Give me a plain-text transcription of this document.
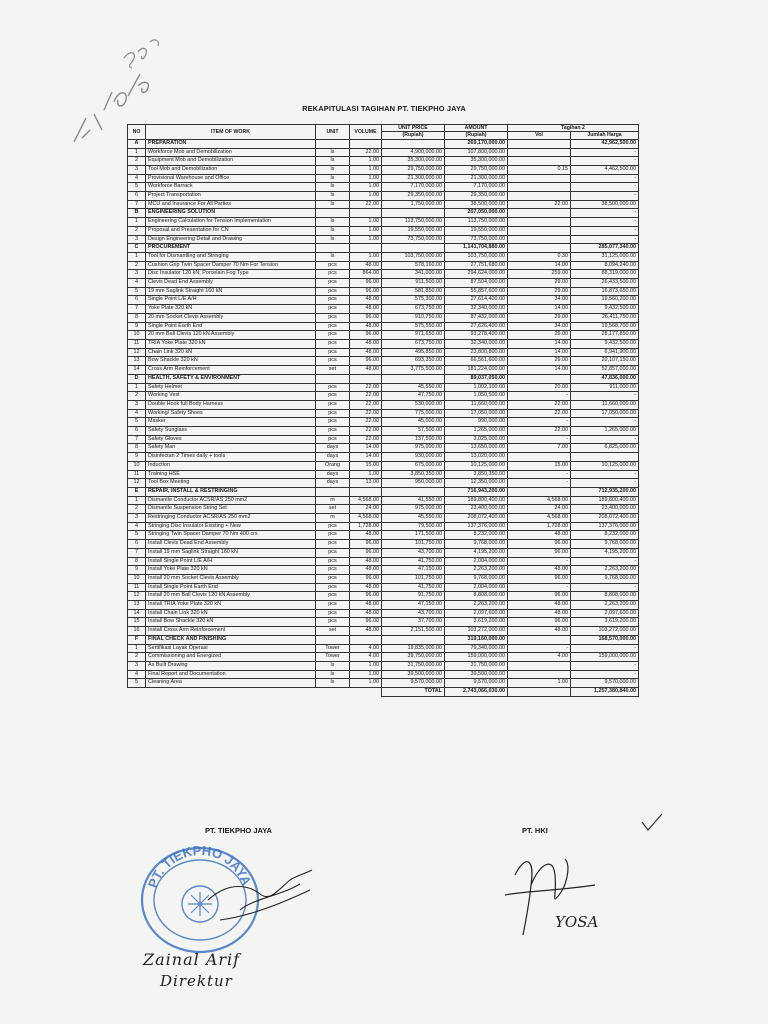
REKAPITULASI TAGIHAN PT. TIEKPHO JAYA
NO	ITEM OF WORK	UNIT	VOLUME	UNIT PRICE	AMOUNT	Tagihan 2	
				(Rupiah)	(Rupiah)	Vol	Jumlah Harga
A	PREPARATION				269,170,000.00		42,962,500.00
1	Workforce Mob and Demobilization	ls	22.00	4,900,000.00	107,800,000.00		-
2	Equipment Mob and Demobilization	ls	1.00	35,300,000.00	35,300,000.00		-
3	Tool Mob and Demobilization	ls	1.00	29,750,000.00	29,750,000.00	0.15	4,462,500.00
4	Provisional Warehouse and Office	ls	1.00	21,300,000.00	21,300,000.00		-
5	Workforce Barrack	ls	1.00	7,170,000.00	7,170,000.00		-
6	Project Transportation	ls	1.00	29,350,000.00	29,350,000.00		-
7	MCU and Insurance For All Parties	ls	22.00	1,750,000.00	38,500,000.00	22.00	38,500,000.00
B	ENGINEERING SOLUTION				207,050,000.00		-
1	Engineering Calculation for Tension Implementation	ls	1.00	113,750,000.00	113,750,000.00		-
2	Proposal and Presentation for CN	ls	1.00	19,550,000.00	19,550,000.00		-
3	Design Engineering Detail and Drawing	ls	1.00	73,750,000.00	73,750,000.00		-
C	PROCUREMENT				1,141,704,880.00		285,077,340.00
1	Tool for Dismantling and Stringing	ls	1.00	103,750,000.00	103,750,000.00	0.30	31,125,000.00
2	Cushion Grip Twin Spacer Damper 70 Nm For Tension	pcs	48.00	578,160.00	27,751,680.00	14.00	8,094,240.00
3	Disc Insulator 120 kN; Porcelain Fog Type	pcs	864.00	341,000.00	294,624,000.00	259.00	88,319,000.00
4	Clevis Dead End Assembly	pcs	96.00	911,500.00	87,504,000.00	29.00	26,433,500.00
5	19 mm Saglink Straight 160 kN	pcs	96.00	581,850.00	55,857,600.00	29.00	16,873,650.00
6	Single Point L/E A/H	pcs	48.00	575,300.00	27,614,400.00	34.00	19,560,200.00
7	Yoke Plate 320 kN	pcs	48.00	673,750.00	32,340,000.00	14.00	9,432,500.00
8	20 mm Socket Clevis Assembly	pcs	96.00	910,750.00	87,432,000.00	29.00	26,411,750.00
9	Single Point Earth End	pcs	48.00	575,550.00	27,626,400.00	34.00	19,568,700.00
10	20 mm Ball Clevis 120 kN Assembly	pcs	96.00	971,650.00	93,278,400.00	29.00	28,177,850.00
11	TRIA Yoke Plate 320 kN	pcs	48.00	673,750.00	32,340,000.00	14.00	9,432,500.00
12	Chain Link 320 kN	pcs	48.00	495,850.00	23,800,800.00	14.00	6,941,900.00
13	Bow Shackle 320 kN	pcs	96.00	693,350.00	66,561,600.00	29.00	20,107,150.00
14	Cross Arm Reinforcement	set	48.00	3,775,500.00	181,224,000.00	14.00	52,857,000.00
D	HEALTH, SAFETY & ENVIRONMENT				89,037,050.00		47,836,000.00
1	Safety Helmet	pcs	22.00	45,550.00	1,002,100.00	20.00	911,000.00
2	Working Vest	pcs	22.00	47,750.00	1,050,500.00	-	-
3	Double Hook full Body Harness	pcs	22.00	530,000.00	11,660,000.00	22.00	11,660,000.00
4	Working/ Safety Shoes	pcs	22.00	775,000.00	17,050,000.00	22.00	17,050,000.00
5	Masker	pcs	22.00	45,000.00	990,000.00	-	-
6	Safety Sunglass	pcs	22.00	57,500.00	1,265,000.00	22.00	1,265,000.00
7	Safety Gloves	pcs	22.00	137,500.00	3,025,000.00	-	-
8	Safety Man	days	14.00	975,000.00	13,650,000.00	7.00	6,825,000.00
9	Disinfectan 2 Times daily + tools	days	14.00	930,000.00	13,020,000.00		
10	Induction	Orang	15.00	675,000.00	10,125,000.00	15.00	10,125,000.00
11	Training HSE	days	1.00	3,850,350.00	3,850,350.00	-	-
12	Tool Box Meeting	days	13.00	950,000.00	12,350,000.00	-	-
E	REPAIR, INSTALL & RESTRINGING				716,943,200.00		712,935,200.00
1	Dismantle Conductor ACSR/AS 250 mm2	m	4,568.00	41,550.00	189,800,400.00	4,568.00	189,800,400.00
2	Dismantle Suspension String Set	set	24.00	975,000.00	23,400,000.00	24.00	23,400,000.00
3	Restringing Conductor ACSR/AS 250 mm2	m	4,568.00	45,550.00	208,072,400.00	4,568.00	208,072,400.00
4	Stringing Disc Insulator Existing + New	pcs	1,728.00	79,500.00	137,376,000.00	1,728.00	137,376,000.00
5	Stringing Twin Spacer Damper 70 Nm 400 crs	pcs	48.00	171,500.00	8,232,000.00	48.00	8,232,000.00
6	Install Clevis Dead End Assembly	pcs	96.00	101,750.00	9,768,000.00	96.00	9,768,000.00
7	Install 19 mm Saglink Straight 160 kN	pcs	96.00	43,700.00	4,195,200.00	96.00	4,195,200.00
8	Install Single Point L/E A/H	pcs	48.00	41,750.00	2,004,000.00	-	-
9	Install Yoke Plate 320 kN	pcs	48.00	47,150.00	2,263,200.00	48.00	2,263,200.00
10	Install 20 mm Socket Clevis Assembly	pcs	96.00	101,750.00	9,768,000.00	96.00	9,768,000.00
11	Install Single Point Earth End	pcs	48.00	41,750.00	2,004,000.00	-	-
12	Install 20 mm Ball Clevis 120 kN Assembly	pcs	96.00	91,750.00	8,808,000.00	96.00	8,808,000.00
13	Install TRIA Yoke Plate 320 kN	pcs	48.00	47,150.00	2,263,200.00	48.00	2,263,200.00
14	Install Chain Link 320 kN	pcs	48.00	43,700.00	2,097,600.00	48.00	2,097,600.00
15	Install Bow Shackle 320 kN	pcs	96.00	37,700.00	3,619,200.00	96.00	3,619,200.00
16	Install Cross Arm Reinforcement	set	48.00	2,151,500.00	103,272,000.00	48.00	103,272,000.00
F	FINAL CHECK AND FINISHING				319,160,000.00		168,570,000.00
1	Sertifikasi Layak Operasi	Tower	4.00	19,835,000.00	79,340,000.00	-	-
2	Commissioning and Energized	Tower	4.00	39,750,000.00	159,000,000.00	4.00	159,000,000.00
3	As Built Drawing	ls	1.00	31,750,000.00	31,750,000.00		-
4	Final Report and Documentation	ls	1.00	39,500,000.00	39,500,000.00		-
5	Cleaning Area	ls	1.00	9,570,000.00	9,570,000.00	1.00	9,570,000.00
				TOTAL	2,743,066,030.00		1,257,380,840.00
PT. TIEKPHO JAYA	PT. HKI
PT. TIEKPHO JAYA
Zainal Arif
Direktur
YOSA
